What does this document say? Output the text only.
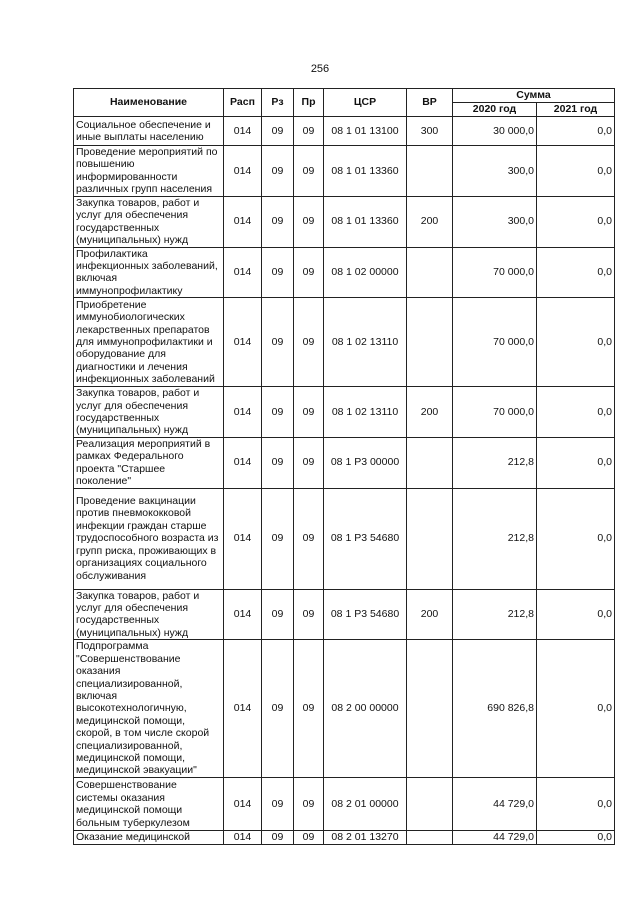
256
Наименование	Расп	Рз	Пр	ЦСР	ВР	Сумма	
						2020 год	2021 год
Социальное обеспечение и иные выплаты населению	014	09	09	08 1 01 13100	300	30 000,0	0,0
Проведение мероприятий по повышению информированности различных групп населения	014	09	09	08 1 01 13360		300,0	0,0
Закупка товаров, работ и услуг для обеспечения государственных (муниципальных) нужд	014	09	09	08 1 01 13360	200	300,0	0,0
Профилактика инфекционных заболеваний, включая иммунопрофилактику	014	09	09	08 1 02 00000		70 000,0	0,0
Приобретение иммунобиологических лекарственных препаратов для иммунопрофилактики и оборудование для диагностики и лечения инфекционных заболеваний	014	09	09	08 1 02 13110		70 000,0	0,0
Закупка товаров, работ и услуг для обеспечения государственных (муниципальных) нужд	014	09	09	08 1 02 13110	200	70 000,0	0,0
Реализация мероприятий в рамках Федерального проекта "Старшее поколение"	014	09	09	08 1 P3 00000		212,8	0,0
Проведение вакцинации против пневмококковой инфекции граждан старше трудоспособного возраста из групп риска, проживающих в организациях социального обслуживания	014	09	09	08 1 P3 54680		212,8	0,0
Закупка товаров, работ и услуг для обеспечения государственных (муниципальных) нужд	014	09	09	08 1 P3 54680	200	212,8	0,0
Подпрограмма "Совершенствование оказания специализированной, включая высокотехнологичную, медицинской помощи, скорой, в том числе скорой специализированной, медицинской помощи, медицинской эвакуации"	014	09	09	08 2 00 00000		690 826,8	0,0
Совершенствование системы оказания медицинской помощи больным туберкулезом	014	09	09	08 2 01 00000		44 729,0	0,0
Оказание медицинской	014	09	09	08 2 01 13270		44 729,0	0,0
